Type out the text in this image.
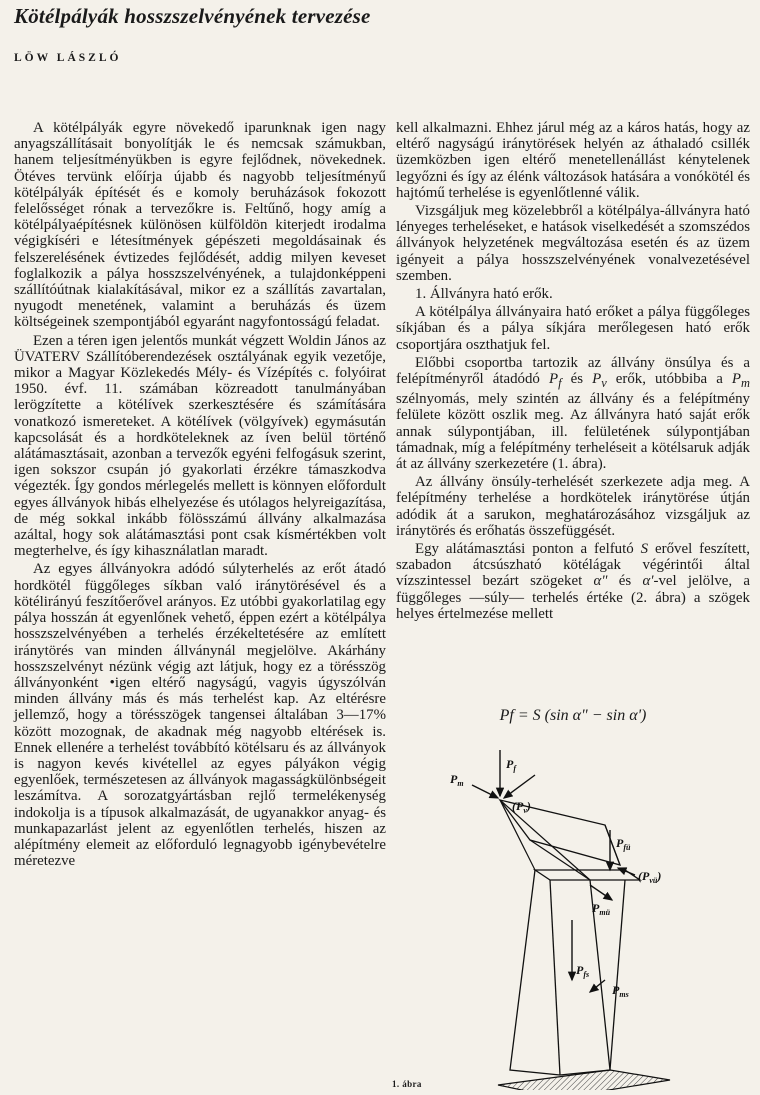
Kötélpályák hosszszelvényének tervezése
LÖW LÁSZLÓ

A kötélpályák egyre növekedő iparunknak igen nagy anyagszállításait bonyolítják le és nemcsak számukban, hanem teljesítményükben is egyre fejlődnek, növekednek. Ötéves tervünk előírja újabb és nagyobb teljesítményű kötélpályák építését és e komoly beruházások fokozott felelősséget rónak a tervezőkre is. Feltűnő, hogy amíg a kötélpályaépítésnek különösen külföldön kiterjedt irodalma végigkíséri e létesítmények gépészeti megoldásainak és felszerelésének évtizedes fejlődését, addig milyen keveset foglalkozik a pálya hosszszelvényének, a tulajdonképpeni szállítóútnak kialakításával, mikor ez a szállítás zavartalan, nyugodt menetének, valamint a beruházás és üzem költségeinek szempontjából egyaránt nagyfontosságú feladat.

Ezen a téren igen jelentős munkát végzett Woldin János az ÜVATERV Szállítóberendezések osztályának egyik vezetője, mikor a Magyar Közlekedés Mély- és Vízépítés c. folyóirat 1950. évf. 11. számában közreadott tanulmányában lerögzítette a kötélívek szerkesztésére és számítására vonatkozó ismereteket. A kötélívek (völgyívek) egymásután kapcsolását és a hordköteleknek az íven belül történő alátámasztásait, azonban a tervezők egyéni felfogásuk szerint, igen sokszor csupán jó gyakorlati érzékre támaszkodva végezték. Így gondos mérlegelés mellett is könnyen előfordult egyes állványok hibás elhelyezése és utólagos helyreigazítása, de még sokkal inkább fölösszámú állvány alkalmazása azáltal, hogy sok alátámasztási pont csak kísmértékben volt megterhelve, és így kihasználatlan maradt.

Az egyes állványokra adódó súlyterhelés az erőt átadó hordkötél függőleges síkban való iránytörésével és a kötélirányú feszítőerővel arányos. Ez utóbbi gyakorlatilag egy pálya hosszán át egyenlőnek vehető, éppen ezért a kötélpálya hosszszelvényében a terhelés érzékeltetésére az említett iránytörés van minden állványnál megjelölve. Akárhány hosszszelvényt nézünk végig azt látjuk, hogy ez a törésszög állványonként •igen eltérő nagyságú, vagyis úgyszólván minden állvány más és más terhelést kap. Az eltérésre jellemző, hogy a törésszögek tangensei általában 3—17% között mozognak, de akadnak még nagyobb eltérések is. Ennek ellenére a terhelést továbbító kötélsaru és az állványok is nagyon kevés kivétellel az egyes pályákon végig egyenlőek, természetesen az állványok magasságkülönbségeit leszámítva. A sorozatgyártásban rejlő termelékenység indokolja is a típusok alkalmazását, de ugyanakkor anyag- és munkapazarlást jelent az egyenlőtlen terhelés, hiszen az alépítmény elemeit az előforduló legnagyobb igénybevételre méretezve

kell alkalmazni. Ehhez járul még az a káros hatás, hogy az eltérő nagyságú iránytörések helyén az áthaladó csillék üzemközben igen eltérő menetellenállást kénytelenek legyőzni és így az élénk változások hatására a vonókötél és hajtómű terhelése is egyenlőtlenné válik.

Vizsgáljuk meg közelebbről a kötélpálya-állványra ható lényeges terheléseket, e hatások viselkedését a szomszédos állványok helyzetének megváltozása esetén és az üzem igényeit a pálya hosszszelvényének vonalvezetésével szemben.

1. Állványra ható erők.

A kötélpálya állványaira ható erőket a pálya függőleges síkjában és a pálya síkjára merőlegesen ható erők csoportjára oszthatjuk fel.

Előbbi csoportba tartozik az állvány önsúlya és a felépítményről átadódó $P_f$ és $P_v$ erők, utóbbiba a $P_m$ szélnyomás, mely szintén az állvány és a felépítmény felülete között oszlik meg. Az állványra ható saját erők annak súlypontjában, ill. felületének súlypontjában támadnak, míg a felépítmény terheléseit a kötélsaruk adják át az állvány szerkezetére (1. ábra).

Az állvány önsúly-terhelését szerkezete adja meg. A felépítmény terhelése a hordkötelek iránytörése útján adódik át a sarukon, meghatározásához vizsgáljuk az iránytörés és erőhatás összefüggését.

Egy alátámasztási ponton a felfutó S erővel feszített, szabadon átcsúszható kötélágak végérintői által vízszintessel bezárt szögeket α" és α'-vel jelölve, a függőleges —súly— terhelés értéke (2. ábra) a szögek helyes értelmezése mellett

Pf = S (sin α" − sin α')
$P_m$
$P_f$
$(P_v)$
$P_{fü}$
$(P_{vü})$
$P_{mü}$
$P_{fs}$
$P_{ms}$
1. ábra
